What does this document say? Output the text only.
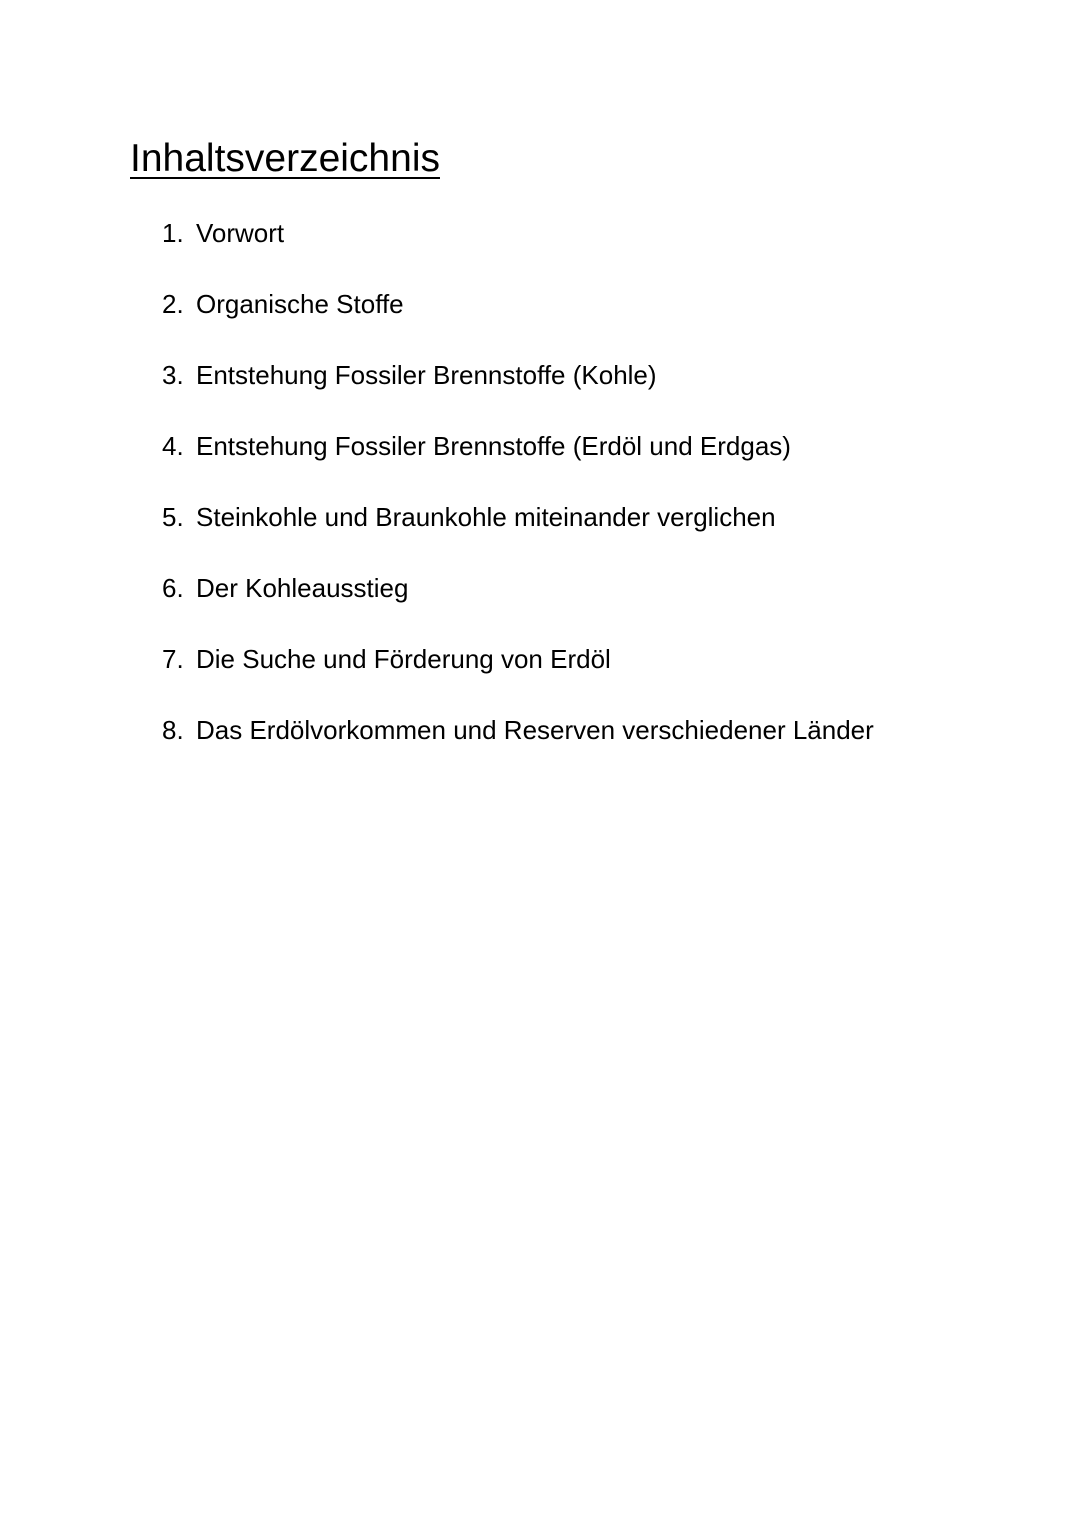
Inhaltsverzeichnis
1. Vorwort
2. Organische Stoffe
3. Entstehung Fossiler Brennstoffe (Kohle)
4. Entstehung Fossiler Brennstoffe (Erdöl und Erdgas)
5. Steinkohle und Braunkohle miteinander verglichen
6. Der Kohleausstieg
7. Die Suche und Förderung von Erdöl
8. Das Erdölvorkommen und Reserven verschiedener Länder
